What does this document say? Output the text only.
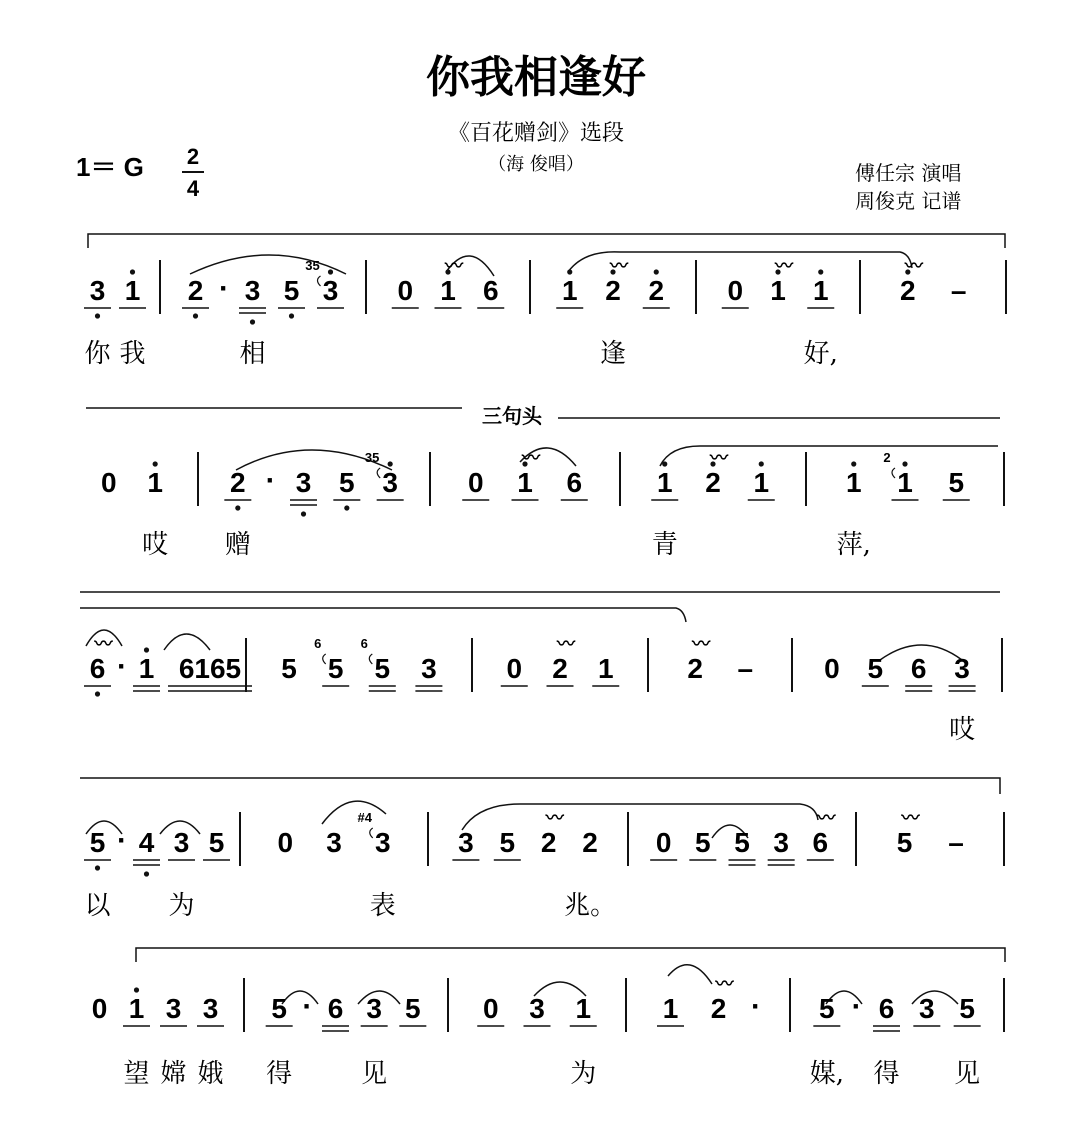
你我相逢好
《百花赠剑》选段
（海 俊唱）
1＝ G 2
4
傅任宗 演唱
周俊克 记谱
三句头
3 1 2 · 3 5 3
35
0 1
〰
6 1 2
〰
2 0 1
〰
1	2
〰
–
你 我	相	逢	好,
0 1 2 · 3 5 3
35
0 1
〰
6	1 2
〰
1	1 1
2
5
哎 赠	青	萍,
6
〰
· 1 6165 5 5
6
5
6
3 0 2
〰
1	2
〰
–	0 5 6 3
哎
5 · 4 3 5 0 3 3
#4
3 5 2
〰
2 0 5 5 3 6
〰
5
〰
–
以 为	表	兆。
0 1 3 3 5 · 6 3 5 0 3 1	1 2
〰
· 5 · 6 3 5
望 嫦 娥 得	见	为	媒, 得 见
